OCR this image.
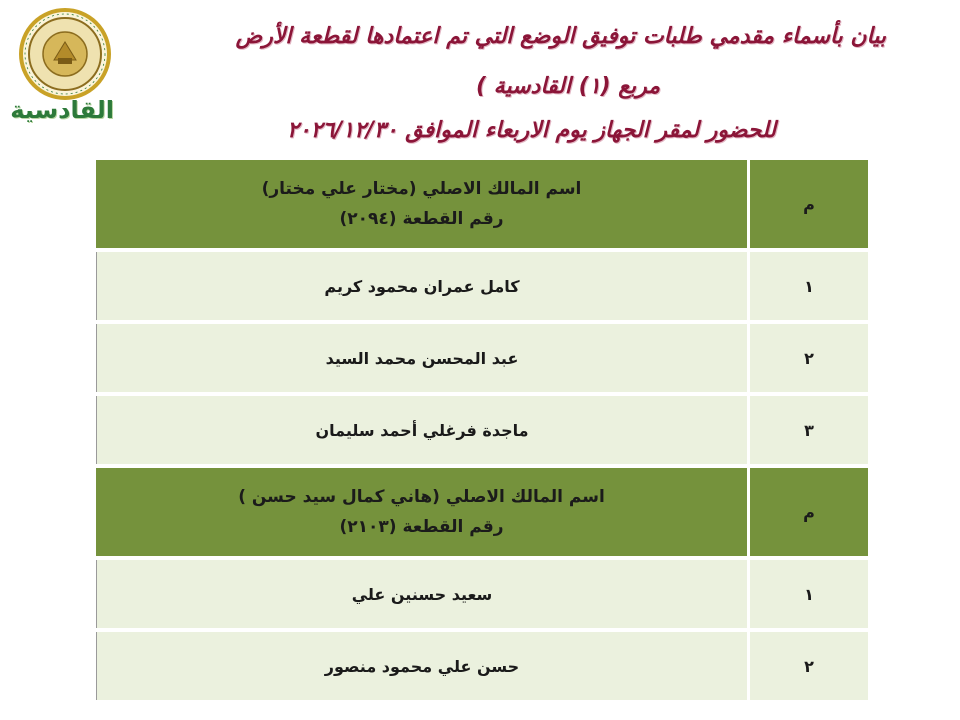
القادسية
بيان بأسماء مقدمي طلبات توفيق الوضع التي تم اعتمادها لقطعة الأرض
مربع (١) القادسية )
للحضور لمقر الجهاز يوم الاربعاء الموافق ٢٠٢٦/١٢/٣٠
م	اسم المالك الاصلي (مختار علي مختار)
رقم القطعة (٢٠٩٤)

١	كامل عمران محمود كريم
٢	عبد المحسن محمد السيد
٣	ماجدة فرغلي أحمد سليمان
م	اسم المالك الاصلي (هاني كمال سيد حسن )
رقم القطعة (٢١٠٣)

١	سعيد حسنين علي
٢	حسن علي محمود منصور
